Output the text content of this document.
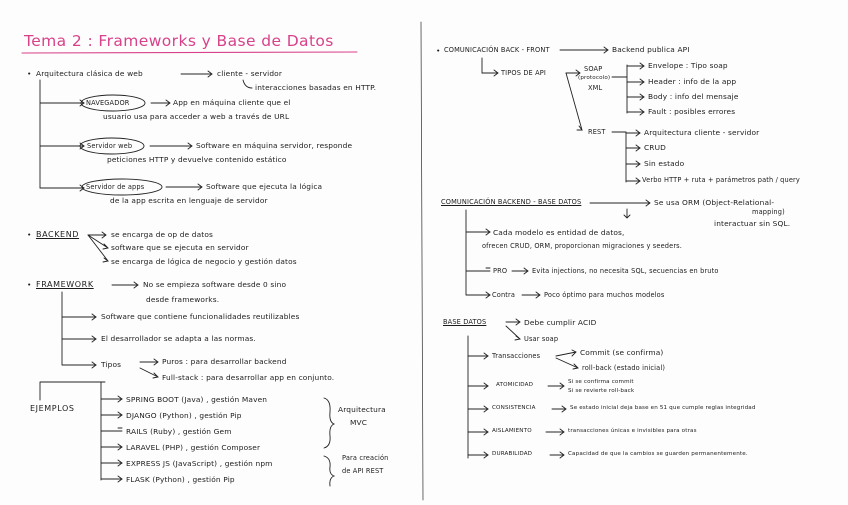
Tema 2 : Frameworks y Base de Datos
• Arquitectura clásica de web	cliente - servidor
interacciones basadas en HTTP.
NAVEGADOR	App en máquina cliente que el
usuario usa para acceder a web a través de URL
Servidor web	Software en máquina servidor, responde
peticiones HTTP y devuelve contenido estático
Servidor de apps	Software que ejecuta la lógica
de la app escrita en lenguaje de servidor
• BACKEND	se encarga de op de datos
software que se ejecuta en servidor
se encarga de lógica de negocio y gestión datos
• FRAMEWORK	No se empieza software desde 0 sino
desde frameworks.
Software que contiene funcionalidades reutilizables
El desarrollador se adapta a las normas.
Tipos	Puros : para desarrollar backend
Full-stack : para desarrollar app en conjunto.
EJEMPLOS
SPRING BOOT (Java) , gestión Maven
DJANGO (Python) , gestión Pip
RAILS (Ruby) , gestión Gem
LARAVEL (PHP) , gestión Composer
EXPRESS JS (JavaScript) , gestión npm
FLASK (Python) , gestión Pip
Arquitectura
MVC
Para creación
de API REST
• COMUNICACIÓN BACK - FRONT	Backend publica API
TIPOS DE API	SOAP
(protocolo)
XML
Envelope : Tipo soap
Header : info de la app
Body : info del mensaje
Fault : posibles errores
REST	Arquitectura cliente - servidor
CRUD
Sin estado
Verbo HTTP + ruta + parámetros path / query
COMUNICACIÓN BACKEND - BASE DATOS	Se usa ORM (Object-Relational-
mapping)
interactuar sin SQL.
Cada modelo es entidad de datos,
ofrecen CRUD, ORM, proporcionan migraciones y seeders.
PRO	Evita injections, no necesita SQL, secuencias en bruto
Contra	Poco óptimo para muchos modelos
BASE DATOS	Debe cumplir ACID
Usar soap
Transacciones	Commit (se confirma)
roll-back (estado inicial)
ATOMICIDAD	Si se confirma commit
Si se revierte roll-back
CONSISTENCIA	Se estado inicial deja base en 51 que cumple reglas integridad
AISLAMIENTO	transacciones únicas e invisibles para otras
DURABILIDAD	Capacidad de que la cambios se guarden permanentemente.
